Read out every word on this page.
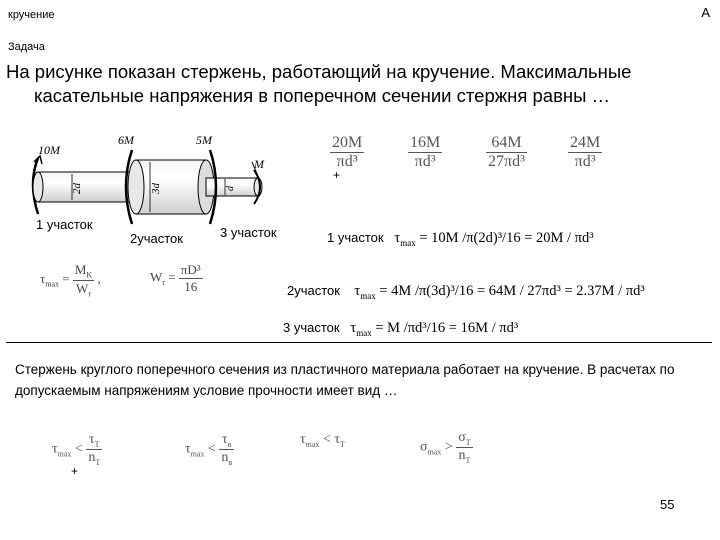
кручение	А
Задача
На рисунке показан стержень, работающий на кручение. Максимальные
касательные напряжения в поперечном сечении стержня равны …
10M
6M	5M
M
2d	3d	d
1 участок
2участок	3 участок
$\frac{20M}{\text{πd³}}$	$\frac{16M}{\text{πd³}}$	$\frac{64M}{\text{27πd³}}$	$\frac{24M}{\text{πd³}}$
+
$\tau_{max} = \frac{M_K}{W_r}$ ,	$W_r = \frac{\text{πD³}}{16}$
1 участок $\tau_{max} = 10M$ /π(2d)³/16 = 20M / πd³
2участок $\tau_{max} = 4M$ /π(3d)³/16 = 64M / 27πd³ = 2.37M / πd³
3 участок $\tau_{max} = M$ /πd³/16 = 16M / πd³
Стержень круглого поперечного сечения из пластичного материала работает на кручение. В расчетах по допускаемым напряжениям условие прочности имеет вид …
$\tau_{max} < \frac{\tau_T}{n_T}$	$\tau_{max} < \frac{\tau_в}{n_в}$	$\tau_{max} < \tau_T$	$\sigma_{max} > \frac{\sigma_T}{n_T}$
+
55
